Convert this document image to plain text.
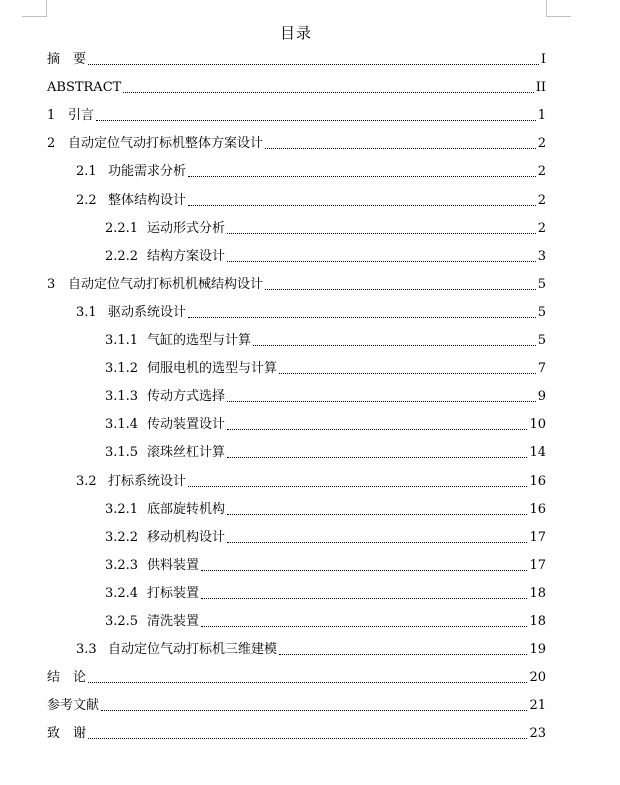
目录
摘　要	I
ABSTRACT	II
1 引言	1
2 自动定位气动打标机整体方案设计	2
2.1 功能需求分析	2
2.2 整体结构设计	2
2.2.1 运动形式分析	2
2.2.2 结构方案设计	3
3 自动定位气动打标机机械结构设计	5
3.1 驱动系统设计	5
3.1.1 气缸的选型与计算	5
3.1.2 伺服电机的选型与计算	7
3.1.3 传动方式选择	9
3.1.4 传动装置设计	10
3.1.5 滚珠丝杠计算	14
3.2 打标系统设计	16
3.2.1 底部旋转机构	16
3.2.2 移动机构设计	17
3.2.3 供料装置	17
3.2.4 打标装置	18
3.2.5 清洗装置	18
3.3 自动定位气动打标机三维建模	19
结　论	20
参考文献	21
致　谢	23
